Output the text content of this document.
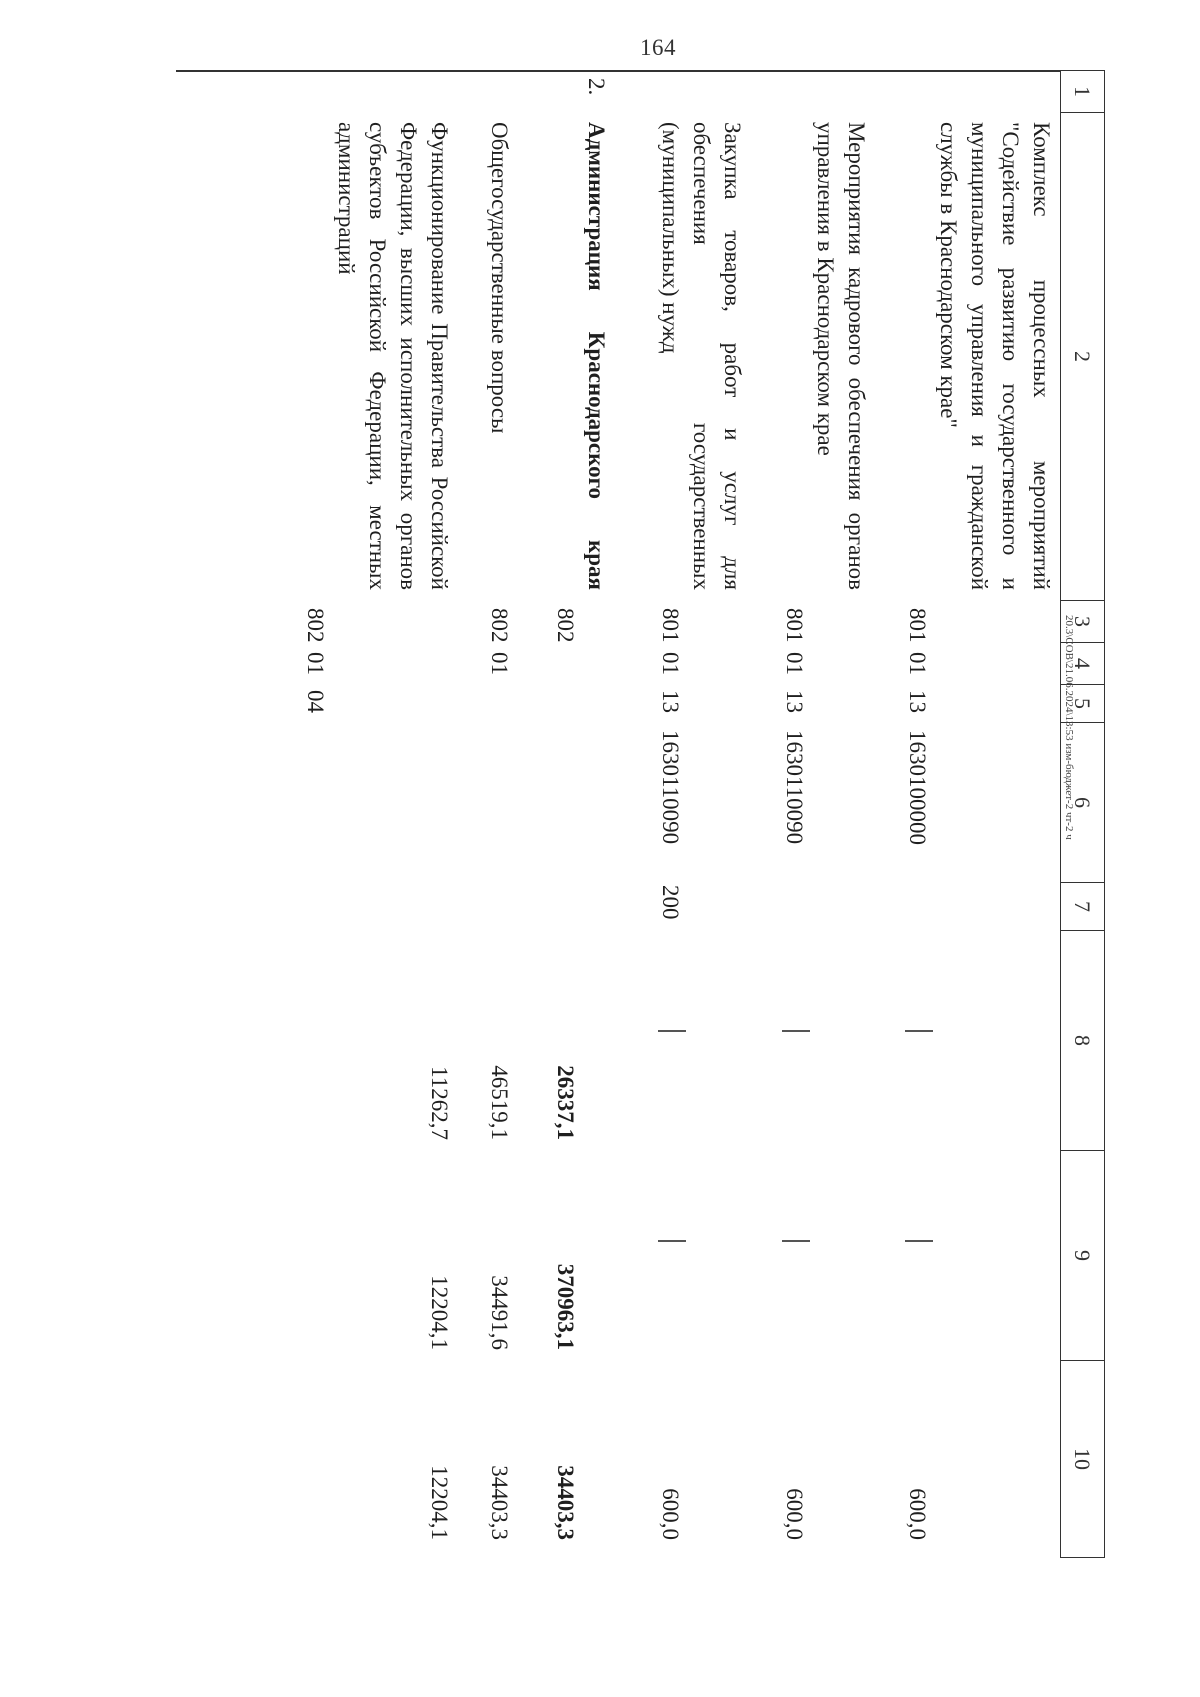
164
1
2
3
4
5
6
7
8
9
10
Комплекс процессных мероприятий "Содействие развитию государственного и муниципального управления и гражданской службы в Краснодарском крае"
801
01
13
1630100000
600,0
Мероприятия кадрового обеспечения органов управления в Краснодарском крае
801
01
13
1630110090
600,0
Закупка товаров, работ и услуг для обеспечения государственных (муниципальных) нужд
801
01
13
1630110090
200
600,0
2.
Администрация Краснодарского края
802
26337,1
370963,1
34403,3
Общегосударственные вопросы
802
01
46519,1
34491,6
34403,3
Функционирование Правительства Российской Федерации, высших исполнительных органов субъектов Российской Федерации, местных администраций
802
01
04
11262,7
12204,1
12204,1
20.3\СОВ\21.06.2024\13:53 изм-бюджет-2 чт-2 ч
